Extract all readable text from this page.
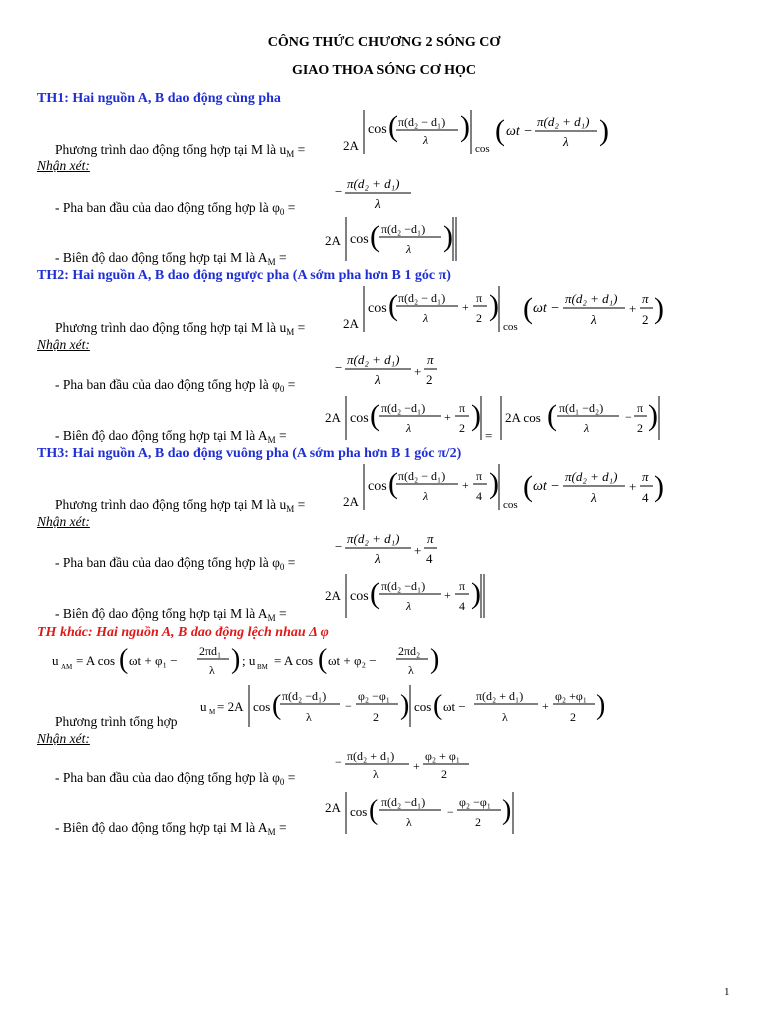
CÔNG THỨC CHƯƠNG 2 SÓNG CƠ
GIAO THOA SÓNG CƠ HỌC
TH1: Hai nguồn A, B dao động cùng pha
Phương trình dao động tổng hợp tại M là $u_M$ =	2A
cos ( π(d₂ − d₁)
λ )
cos
( ωt −
π(d₂ + d₁)
λ )
Nhận xét:
- Pha ban đầu của dao động tổng hợp là $\varphi_0$ =
−
π(d₂ + d₁)
λ
- Biên độ dao động tổng hợp tại M là $A_M$ =
2A cos ( π(d₂ −d₁)
λ )
TH2: Hai nguồn A, B dao động ngược pha (A sớm pha hơn B 1 góc π)
Phương trình dao động tổng hợp tại M là $u_M$ =	2A
cos ( π(d₂ − d₁)
λ
+
π
2 )
cos
( ωt −
π(d₂ + d₁)
λ
+
π
2 )
Nhận xét:
- Pha ban đầu của dao động tổng hợp là $\varphi_0$ =
−
π(d₂ + d₁)
λ
+
π
2
- Biên độ dao động tổng hợp tại M là $A_M$ =
2A cos ( π(d₂ −d₁)
λ
+
π
2 )
=
2A cos ( π(d₁ −d₂)
λ
−
π
2 )
TH3: Hai nguồn A, B dao động vuông pha (A sớm pha hơn B 1 góc π/2)
Phương trình dao động tổng hợp tại M là $u_M$ =	2A
cos ( π(d₂ − d₁)
λ
+
π
4 )
cos
( ωt −
π(d₂ + d₁)
λ
+
π
4 )
Nhận xét:
- Pha ban đầu của dao động tổng hợp là $\varphi_0$ =
−
π(d₂ + d₁)
λ
+
π
4
- Biên độ dao động tổng hợp tại M là $A_M$ =
2A cos ( π(d₂ −d₁)
λ
+
π
4 )
TH khác: Hai nguồn A, B dao động lệch nhau Δ φ
u AM = A cos ( ωt + φ₁ −
2πd₁
λ ) ; u BM = A cos ( ωt + φ₂ −
2πd₂
λ )
u M = 2A cos ( π(d₂ −d₁)
λ
−
φ₂ −φ₁
2 ) cos ( ωt −
π(d₂ + d₁)
λ
+
φ₂ +φ₁
2 )
Phương trình tổng hợp
Nhận xét:
- Pha ban đầu của dao động tổng hợp là $\varphi_0$ =
− π(d₂ + d₁)
λ
+
φ₂ + φ₁
2
- Biên độ dao động tổng hợp tại M là $A_M$ =
2A cos ( π(d₂ −d₁)
λ
−
φ₂ −φ₁
2 )
1
